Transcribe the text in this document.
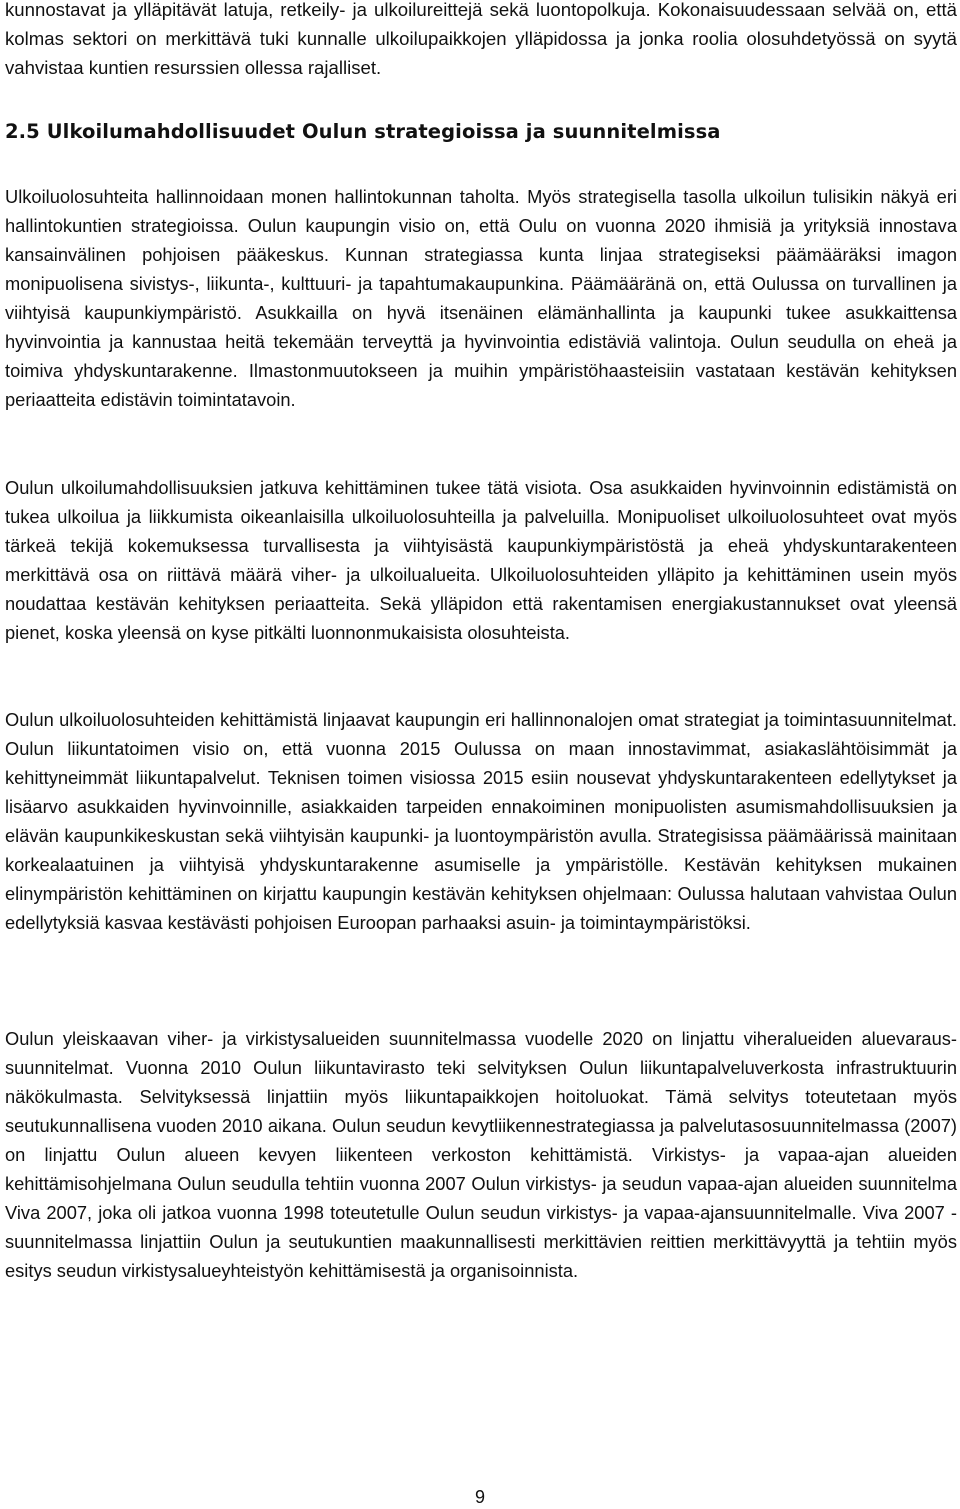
kunnostavat ja ylläpitävät latuja, retkeily- ja ulkoilureittejä sekä luontopolkuja. Kokonaisuudessaan selvää on, että kolmas sektori on merkittävä tuki kunnalle ulkoilupaikkojen ylläpidossa ja jonka roolia olosuhdetyössä on syytä vahvistaa kuntien resurssien ollessa rajalliset.

2.5 Ulkoilumahdollisuudet Oulun strategioissa ja suunnitelmissa

Ulkoiluolosuhteita hallinnoidaan monen hallintokunnan taholta. Myös strategisella tasolla ulkoilun tulisikin näkyä eri hallintokuntien strategioissa. Oulun kaupungin visio on, että Oulu on vuonna 2020 ihmisiä ja yrityksiä innostava kansainvälinen pohjoisen pääkeskus. Kunnan strategiassa kunta linjaa strategiseksi päämääräksi imagon monipuolisena sivistys-, liikunta-, kulttuuri- ja tapahtumakaupunkina. Päämääränä on, että Oulussa on turvallinen ja viihtyisä kaupunkiympäristö. Asukkailla on hyvä itsenäinen elämänhallinta ja kaupunki tukee asukkaittensa hyvinvointia ja kannustaa heitä tekemään terveyttä ja hyvinvointia edistäviä valintoja. Oulun seudulla on eheä ja toimiva yhdyskuntarakenne. Ilmastonmuutokseen ja muihin ympäristöhaasteisiin vastataan kestävän kehityksen periaatteita edistävin toimintatavoin.

Oulun ulkoilumahdollisuuksien jatkuva kehittäminen tukee tätä visiota. Osa asukkaiden hyvinvoinnin edistämistä on tukea ulkoilua ja liikkumista oikeanlaisilla ulkoiluolosuhteilla ja palveluilla. Monipuoliset ulkoiluolosuhteet ovat myös tärkeä tekijä kokemuksessa turvallisesta ja viihtyisästä kaupunkiympäristöstä ja eheä yhdyskuntarakenteen merkittävä osa on riittävä määrä viher- ja ulkoilualueita. Ulkoiluolosuhteiden ylläpito ja kehittäminen usein myös noudattaa kestävän kehityksen periaatteita. Sekä ylläpidon että rakentamisen energiakustannukset ovat yleensä pienet, koska yleensä on kyse pitkälti luonnonmukaisista olosuhteista.

Oulun ulkoiluolosuhteiden kehittämistä linjaavat kaupungin eri hallinnonalojen omat strategiat ja toimintasuunnitelmat. Oulun liikuntatoimen visio on, että vuonna 2015 Oulussa on maan innostavimmat, asiakaslähtöisimmät ja kehittyneimmät liikuntapalvelut. Teknisen toimen visiossa 2015 esiin nousevat yhdyskuntarakenteen edellytykset ja lisäarvo asukkaiden hyvinvoinnille, asiakkaiden tarpeiden ennakoiminen monipuolisten asumismahdollisuuksien ja elävän kaupunkikeskustan sekä viihtyisän kaupunki- ja luontoympäristön avulla. Strategisissa päämäärissä mainitaan korkealaatuinen ja viihtyisä yhdyskuntarakenne asumiselle ja ympäristölle. Kestävän kehityksen mukainen elinympäristön kehittäminen on kirjattu kaupungin kestävän kehityksen ohjelmaan: Oulussa halutaan vahvistaa Oulun edellytyksiä kasvaa kestävästi pohjoisen Euroopan parhaaksi asuin- ja toimintaympäristöksi.

Oulun yleiskaavan viher- ja virkistysalueiden suunnitelmassa vuodelle 2020 on linjattu viheralueiden aluevaraus-suunnitelmat. Vuonna 2010 Oulun liikuntavirasto teki selvityksen Oulun liikuntapalveluverkosta infrastruktuurin näkökulmasta. Selvityksessä linjattiin myös liikuntapaikkojen hoitoluokat. Tämä selvitys toteutetaan myös seutukunnallisena vuoden 2010 aikana. Oulun seudun kevytliikennestrategiassa ja palvelutasosuunnitelmassa (2007) on linjattu Oulun alueen kevyen liikenteen verkoston kehittämistä. Virkistys- ja vapaa-ajan alueiden kehittämisohjelmana Oulun seudulla tehtiin vuonna 2007 Oulun virkistys- ja seudun vapaa-ajan alueiden suunnitelma Viva 2007, joka oli jatkoa vuonna 1998 toteutetulle Oulun seudun virkistys- ja vapaa-ajansuunnitelmalle. Viva 2007 -suunnitelmassa linjattiin Oulun ja seutukuntien maakunnallisesti merkittävien reittien merkittävyyttä ja tehtiin myös esitys seudun virkistysalueyhteistyön kehittämisestä ja organisoinnista.

9
